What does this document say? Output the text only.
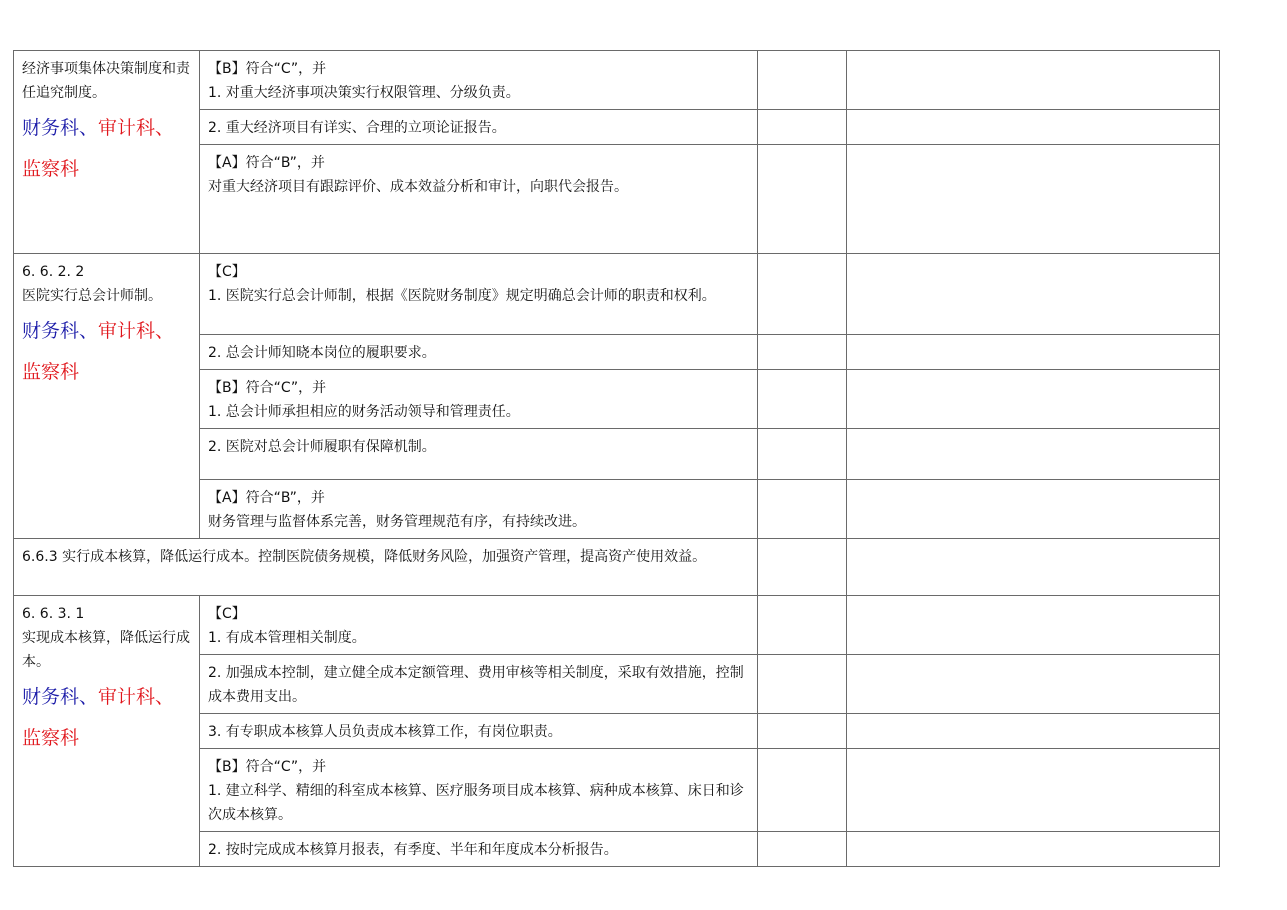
经济事项集体决策制度和责任追究制度。
财务科、审计科、
监察科	【B】符合“C”，并
1. 对重大经济事项决策实行权限管理、分级负责。		

	2. 重大经济项目有详实、合理的立项论证报告。		

	【A】符合“B”，并
对重大经济项目有跟踪评价、成本效益分析和审计，向职代会报告。		

6. 6. 2. 2
医院实行总会计师制。
财务科、审计科、
监察科	【C】
1. 医院实行总会计师制，根据《医院财务制度》规定明确总会计师的职责和权利。		

	2. 总会计师知晓本岗位的履职要求。		

	【B】符合“C”，并
1. 总会计师承担相应的财务活动领导和管理责任。		

	2. 医院对总会计师履职有保障机制。		

	【A】符合“B”，并
财务管理与监督体系完善，财务管理规范有序，有持续改进。		

6.6.3 实行成本核算，降低运行成本。控制医院债务规模，降低财务风险，加强资产管理，提高资产使用效益。			

6. 6. 3. 1
实现成本核算，降低运行成本。
财务科、审计科、
监察科	【C】
1. 有成本管理相关制度。		

	2. 加强成本控制，建立健全成本定额管理、费用审核等相关制度，采取有效措施，控制成本费用支出。		

	3. 有专职成本核算人员负责成本核算工作，有岗位职责。		

	【B】符合“C”，并
1. 建立科学、精细的科室成本核算、医疗服务项目成本核算、病种成本核算、床日和诊次成本核算。		

	2. 按时完成成本核算月报表，有季度、半年和年度成本分析报告。		
